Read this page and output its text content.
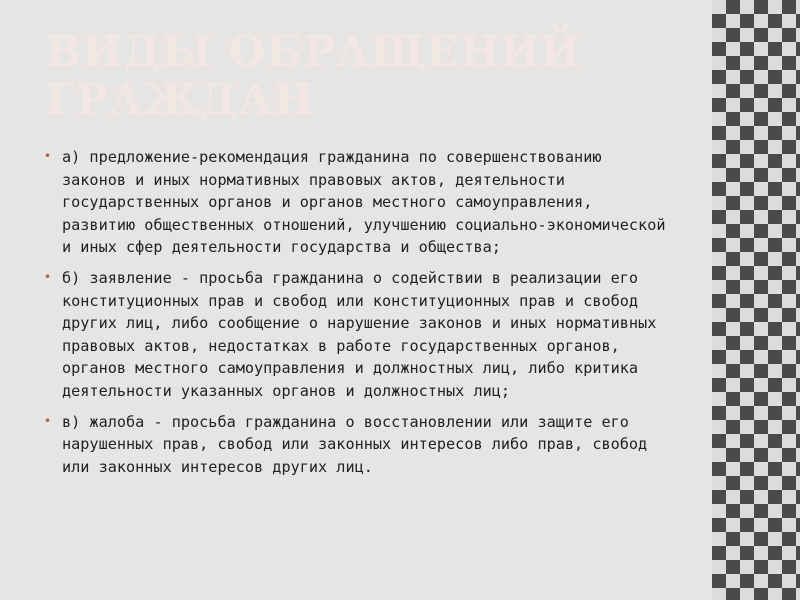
ВИДЫ ОБРАЩЕНИЙ ГРАЖДАН
• а) предложение-рекомендация гражданина по совершенствованию законов и иных нормативных правовых актов, деятельности государственных органов и органов местного самоуправления, развитию общественных отношений, улучшению социально-экономической и иных сфер деятельности государства и общества;
• б) заявление - просьба гражданина о содействии в реализации его конституционных прав и свобод или конституционных прав и свобод других лиц, либо сообщение о нарушение законов и иных нормативных правовых актов, недостатках в работе государственных органов, органов местного самоуправления и должностных лиц, либо критика деятельности указанных органов и должностных лиц;
• в) жалоба - просьба гражданина о восстановлении или защите его нарушенных прав, свобод или законных интересов либо прав, свобод или законных интересов других лиц.
